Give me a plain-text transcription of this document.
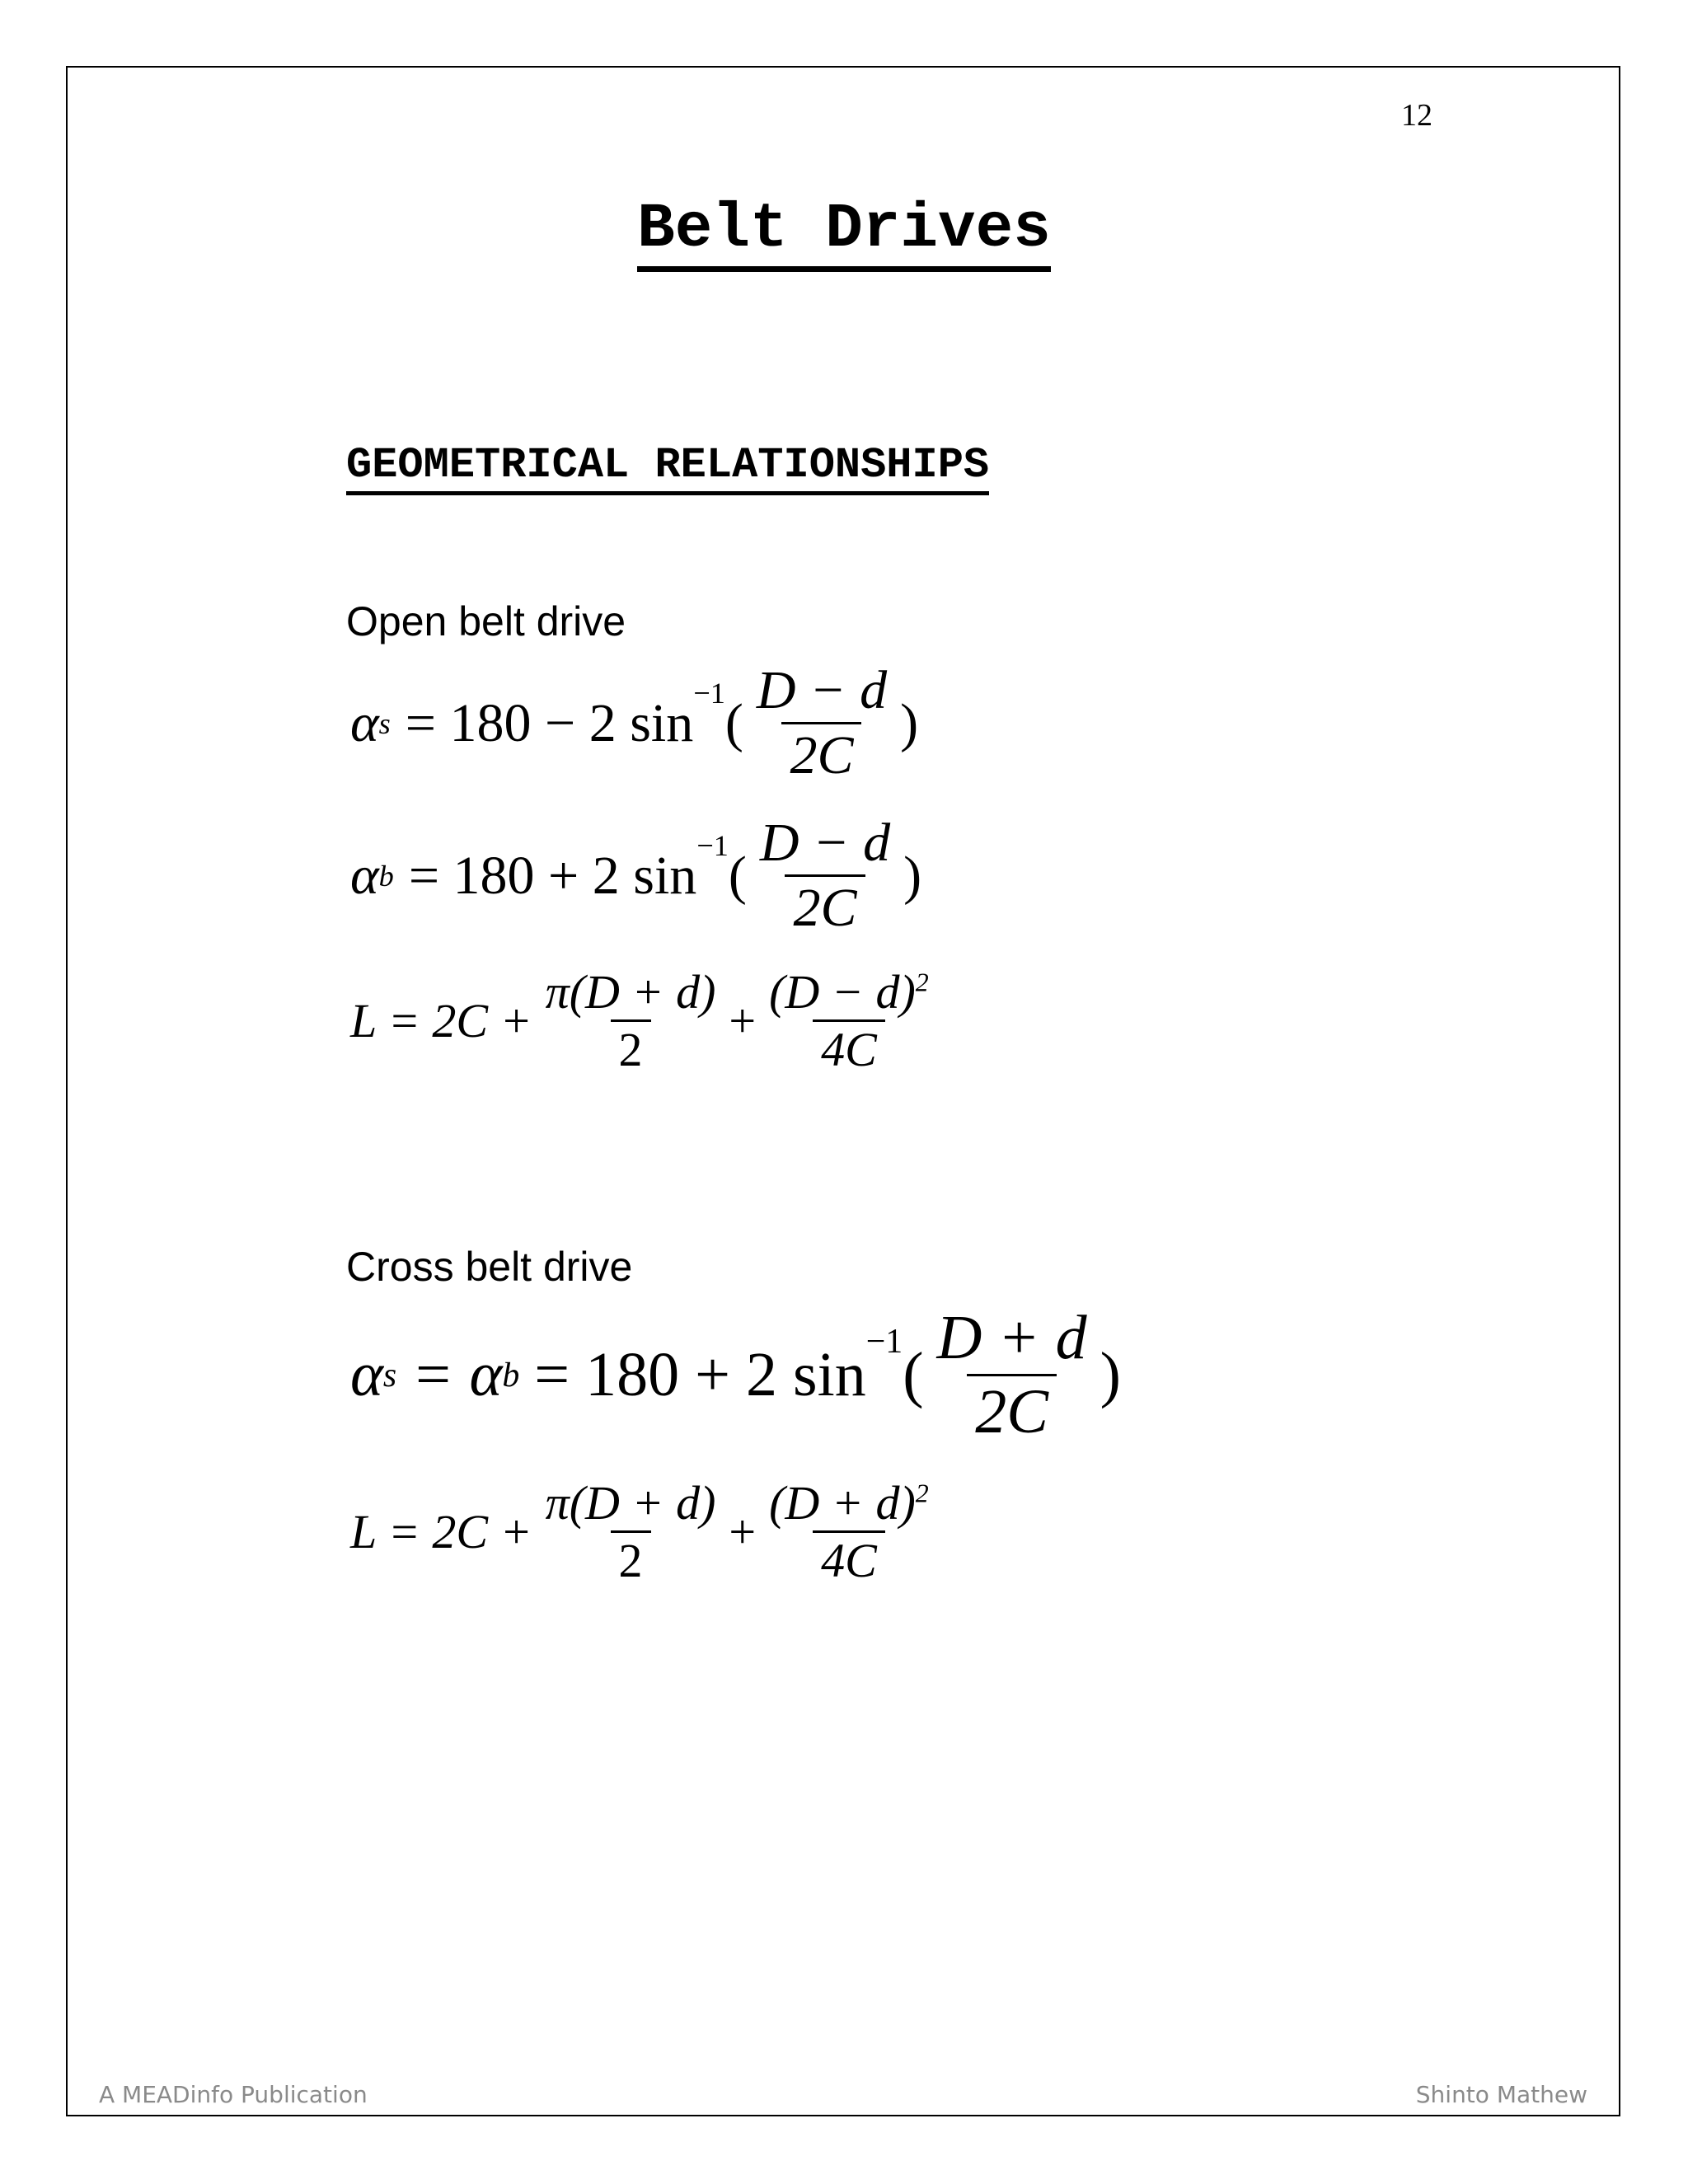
12
Belt Drives
GEOMETRICAL RELATIONSHIPS
Open belt drive
α s = 180 − 2 $\sin^{-1}$ ( $\frac{D - d}{2C}$ )
α b = 180 + 2 $\sin^{-1}$ ( $\frac{D - d}{2C}$ )
$L = 2C + \frac{\pi(D + d)}{2} + \frac{(D - d)^2}{4C}$
Cross belt drive
α s = α b = 180 + 2 $\sin^{-1}$ ( $\frac{D + d}{2C}$ )
$L = 2C + \frac{\pi(D + d)}{2} + \frac{(D + d)^2}{4C}$
A MEADinfo Publication	Shinto Mathew
